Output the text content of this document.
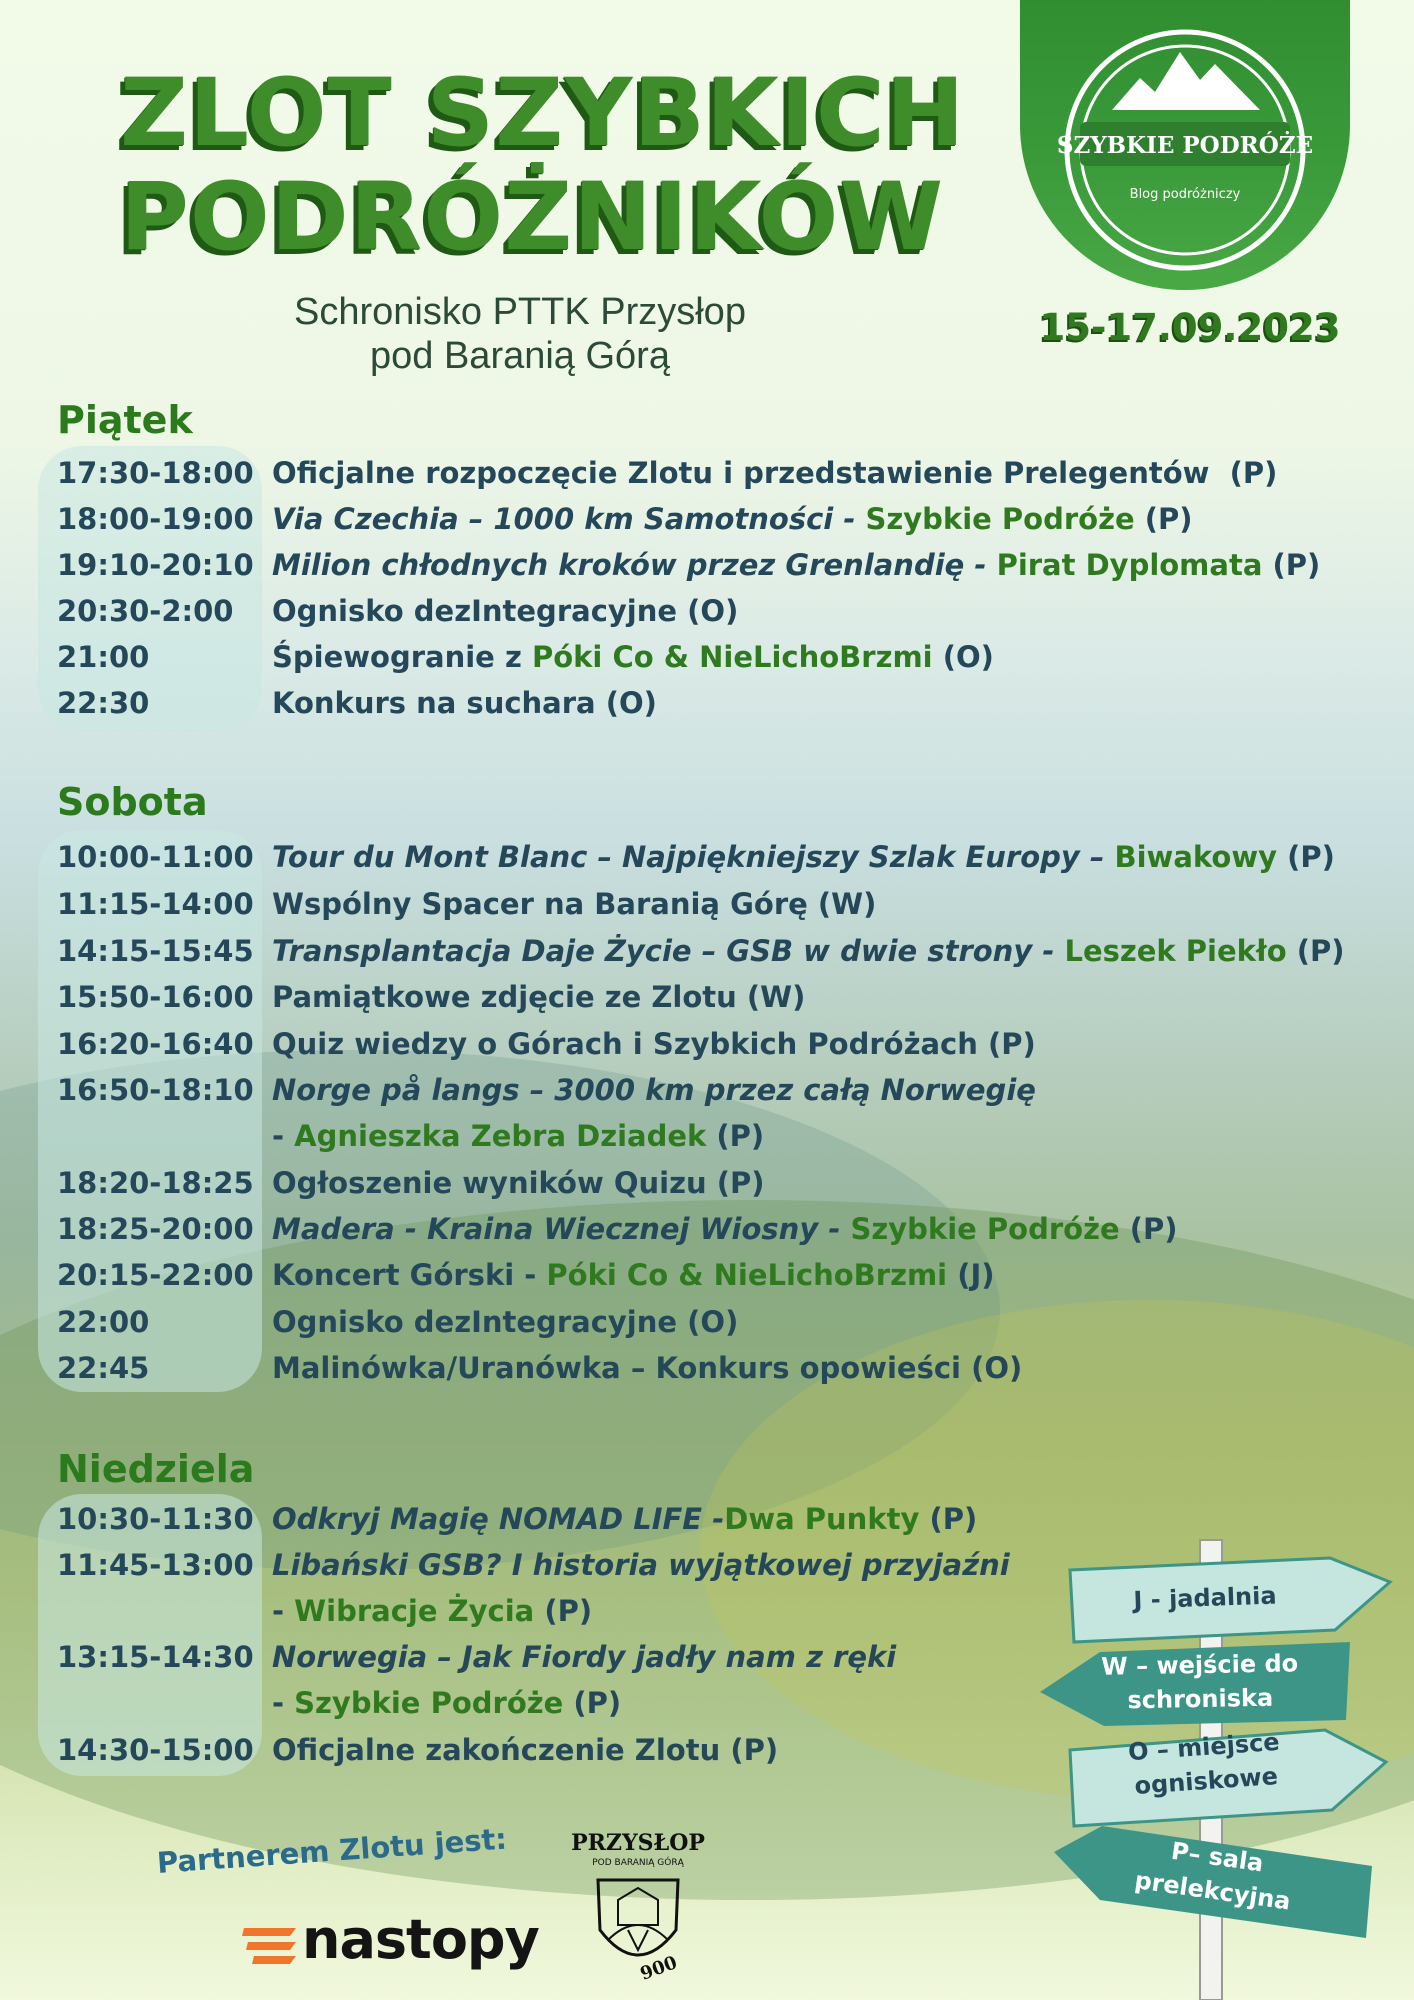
SZYBKIE PODRÓŻE
Blog podróżniczy
ZLOT SZYBKICH
PODRÓŻNIKÓW
Schronisko PTTK Przysłop
pod Baranią Górą
15-17.09.2023
Piątek
17:30-18:00 Oficjalne rozpoczęcie Zlotu i przedstawienie Prelegentów (P)
18:00-19:00 Via Czechia – 1000 km Samotności - Szybkie Podróże (P)
19:10-20:10 Milion chłodnych kroków przez Grenlandię - Pirat Dyplomata (P)
20:30-2:00 Ognisko dezIntegracyjne (O)
21:00	Śpiewogranie z Póki Co & NieLichoBrzmi (O)
22:30	Konkurs na suchara (O)
Sobota
10:00-11:00 Tour du Mont Blanc – Najpiękniejszy Szlak Europy – Biwakowy (P)
11:15-14:00 Wspólny Spacer na Baranią Górę (W)
14:15-15:45 Transplantacja Daje Życie – GSB w dwie strony - Leszek Piekło (P)
15:50-16:00 Pamiątkowe zdjęcie ze Zlotu (W)
16:20-16:40 Quiz wiedzy o Górach i Szybkich Podróżach (P)
16:50-18:10 Norge på langs – 3000 km przez całą Norwegię
- Agnieszka Zebra Dziadek (P)
18:20-18:25 Ogłoszenie wyników Quizu (P)
18:25-20:00 Madera - Kraina Wiecznej Wiosny - Szybkie Podróże (P)
20:15-22:00 Koncert Górski - Póki Co & NieLichoBrzmi (J)
22:00	Ognisko dezIntegracyjne (O)
22:45	Malinówka/Uranówka – Konkurs opowieści (O)
Niedziela
10:30-11:30 Odkryj Magię NOMAD LIFE -Dwa Punkty (P)
11:45-13:00 Libański GSB? I historia wyjątkowej przyjaźni
- Wibracje Życia (P)
13:15-14:30 Norwegia – Jak Fiordy jadły nam z ręki
- Szybkie Podróże (P)
14:30-15:00 Oficjalne zakończenie Zlotu (P)
J - jadalnia
W – wejście do
schroniska
O – miejsce
ogniskowe
P– sala
prelekcyjna
Partnerem Zlotu jest:
nastopy
PRZYSŁOP
POD BARANIĄ GÓRĄ
900
